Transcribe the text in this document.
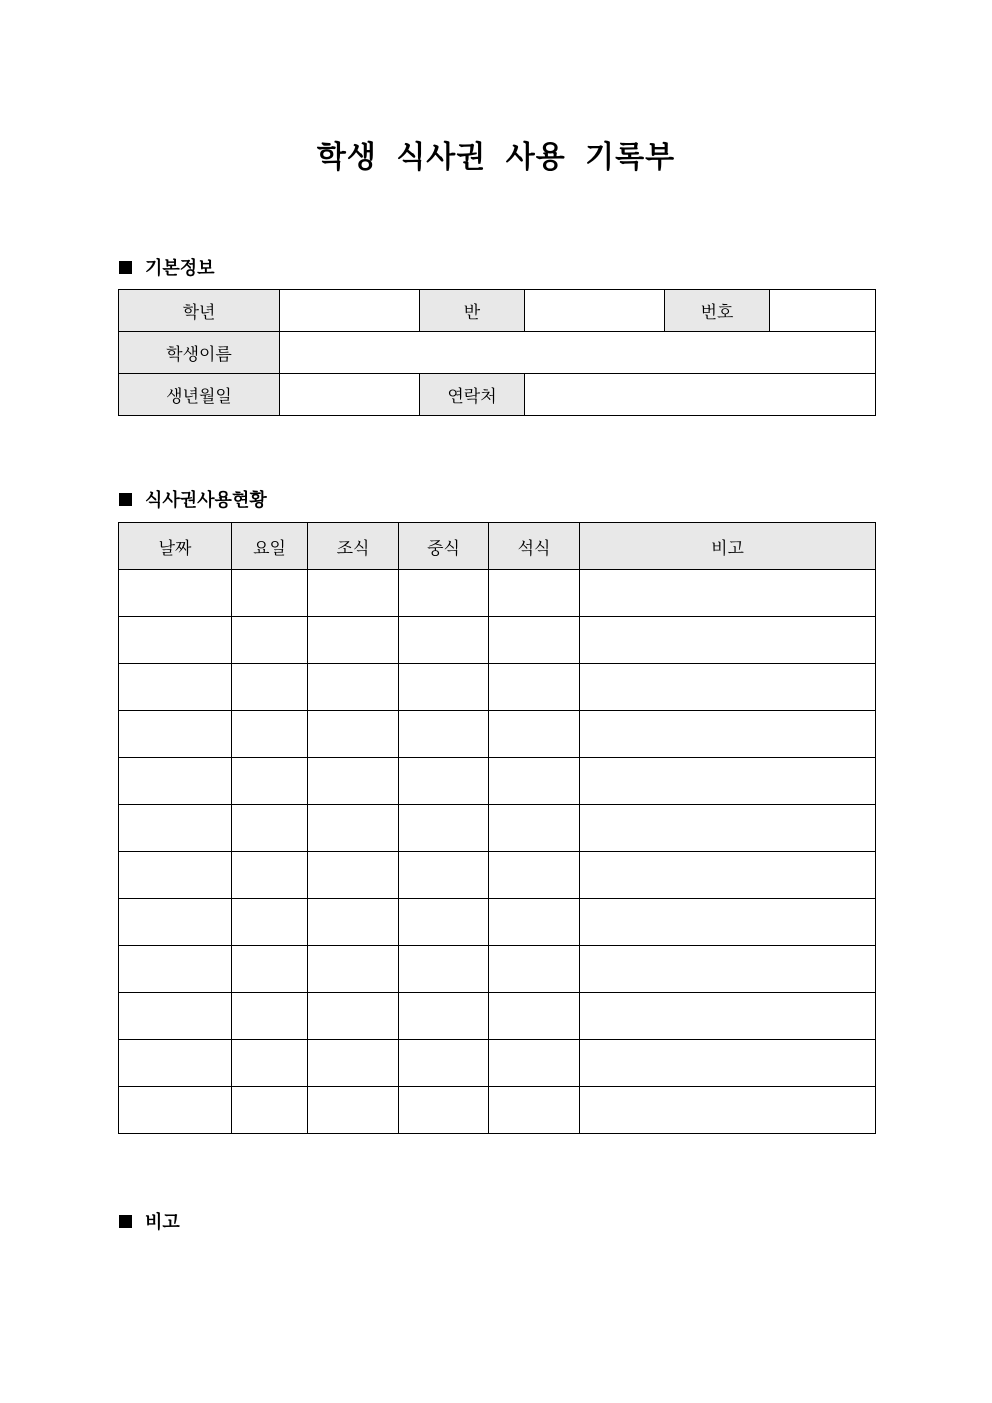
학생 식사권 사용 기록부
기본정보
학년		반		번호	
학생이름					
생년월일		연락처			
식사권사용현황
날짜	요일	조식	중식	석식	비고

비고
